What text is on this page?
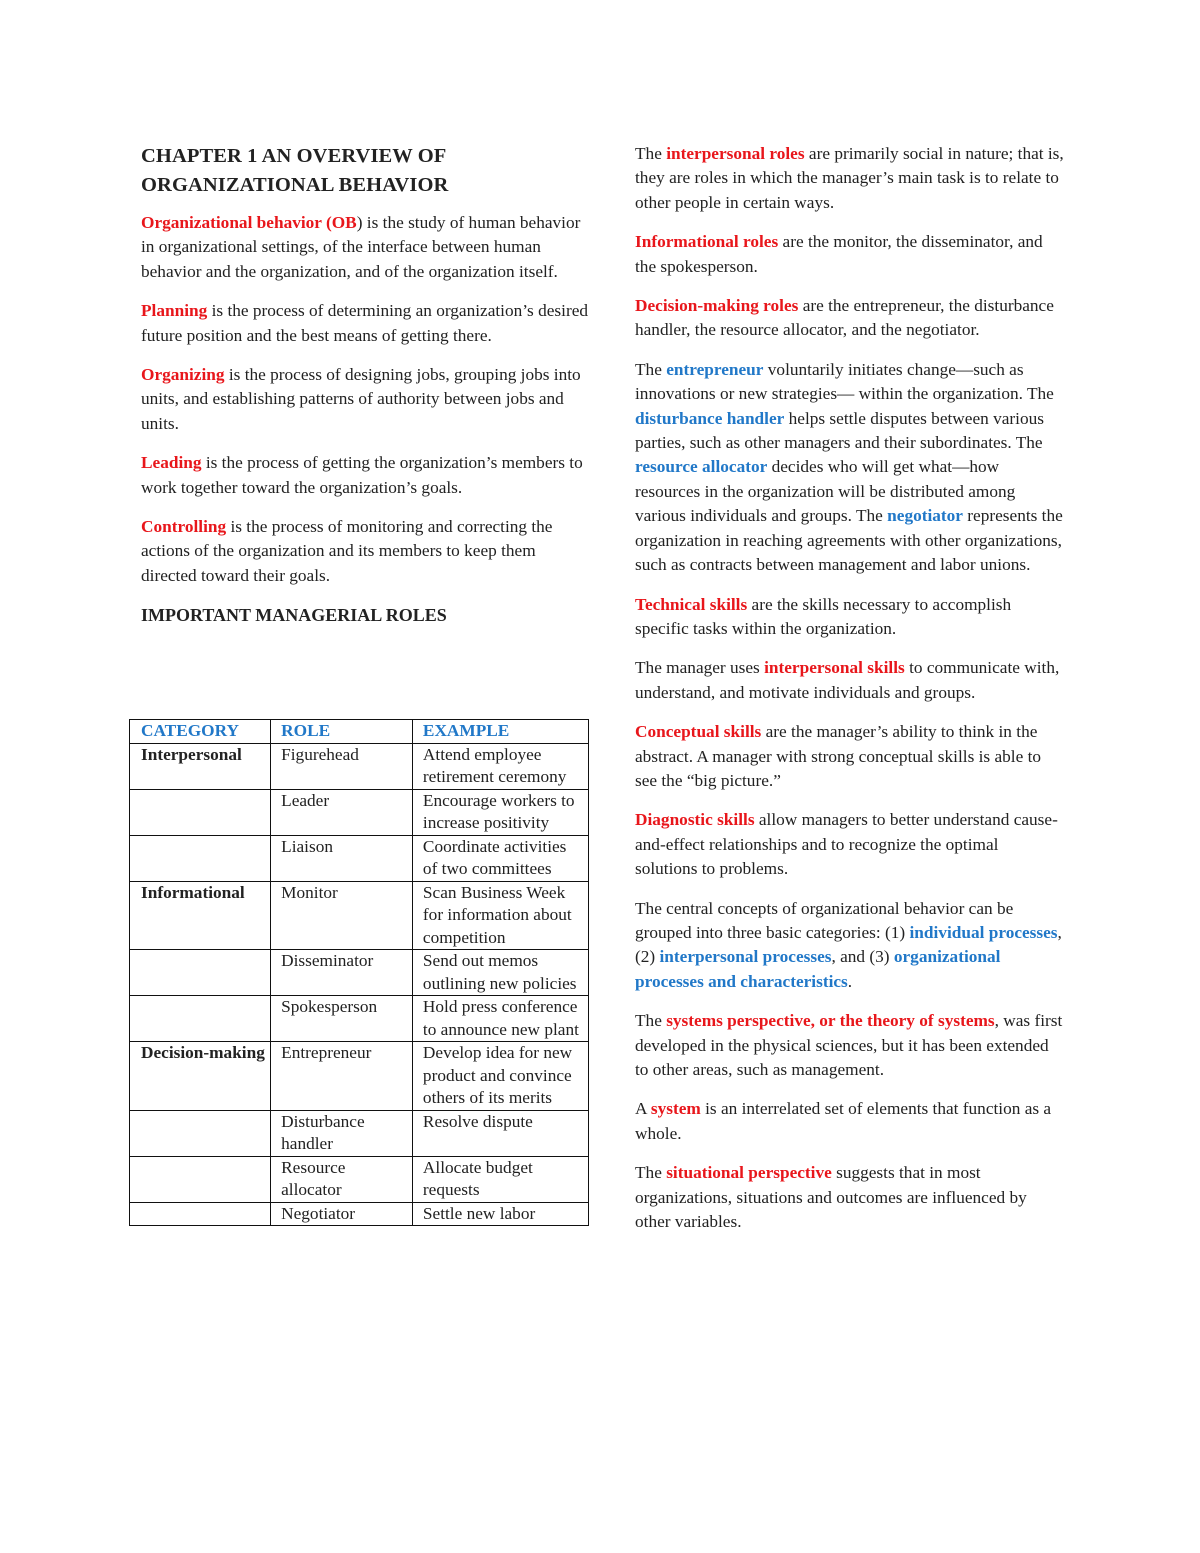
CHAPTER 1 AN OVERVIEW OF ORGANIZATIONAL BEHAVIOR

Organizational behavior (OB) is the study of human behavior in organizational settings, of the interface between human behavior and the organization, and of the organization itself.

Planning is the process of determining an organization’s desired future position and the best means of getting there.

Organizing is the process of designing jobs, grouping jobs into units, and establishing patterns of authority between jobs and units.

Leading is the process of getting the organization’s members to work together toward the organization’s goals.

Controlling is the process of monitoring and correcting the actions of the organization and its members to keep them directed toward their goals.

IMPORTANT MANAGERIAL ROLES
CATEGORY	ROLE	EXAMPLE
Interpersonal	Figurehead	Attend employee retirement ceremony
	Leader	Encourage workers to increase positivity
	Liaison	Coordinate activities of two committees
Informational	Monitor	Scan Business Week for information about competition
	Disseminator	Send out memos outlining new policies
	Spokesperson	Hold press conference to announce new plant
Decision-making	Entrepreneur	Develop idea for new product and convince others of its merits
	Disturbance handler	Resolve dispute
	Resource allocator	Allocate budget requests
	Negotiator	Settle new labor

The interpersonal roles are primarily social in nature; that is, they are roles in which the manager’s main task is to relate to other people in certain ways.

Informational roles are the monitor, the disseminator, and the spokesperson.

Decision-making roles are the entrepreneur, the disturbance handler, the resource allocator, and the negotiator.

The entrepreneur voluntarily initiates change—such as innovations or new strategies— within the organization. The disturbance handler helps settle disputes between various parties, such as other managers and their subordinates. The resource allocator decides who will get what—how resources in the organization will be distributed among various individuals and groups. The negotiator represents the organization in reaching agreements with other organizations, such as contracts between management and labor unions.

Technical skills are the skills necessary to accomplish specific tasks within the organization.

The manager uses interpersonal skills to communicate with, understand, and motivate individuals and groups.

Conceptual skills are the manager’s ability to think in the abstract. A manager with strong conceptual skills is able to see the “big picture.”

Diagnostic skills allow managers to better understand cause-and-effect relationships and to recognize the optimal solutions to problems.

The central concepts of organizational behavior can be grouped into three basic categories: (1) individual processes, (2) interpersonal processes, and (3) organizational processes and characteristics.

The systems perspective, or the theory of systems, was first developed in the physical sciences, but it has been extended to other areas, such as management.

A system is an interrelated set of elements that function as a whole.

The situational perspective suggests that in most organizations, situations and outcomes are influenced by other variables.
